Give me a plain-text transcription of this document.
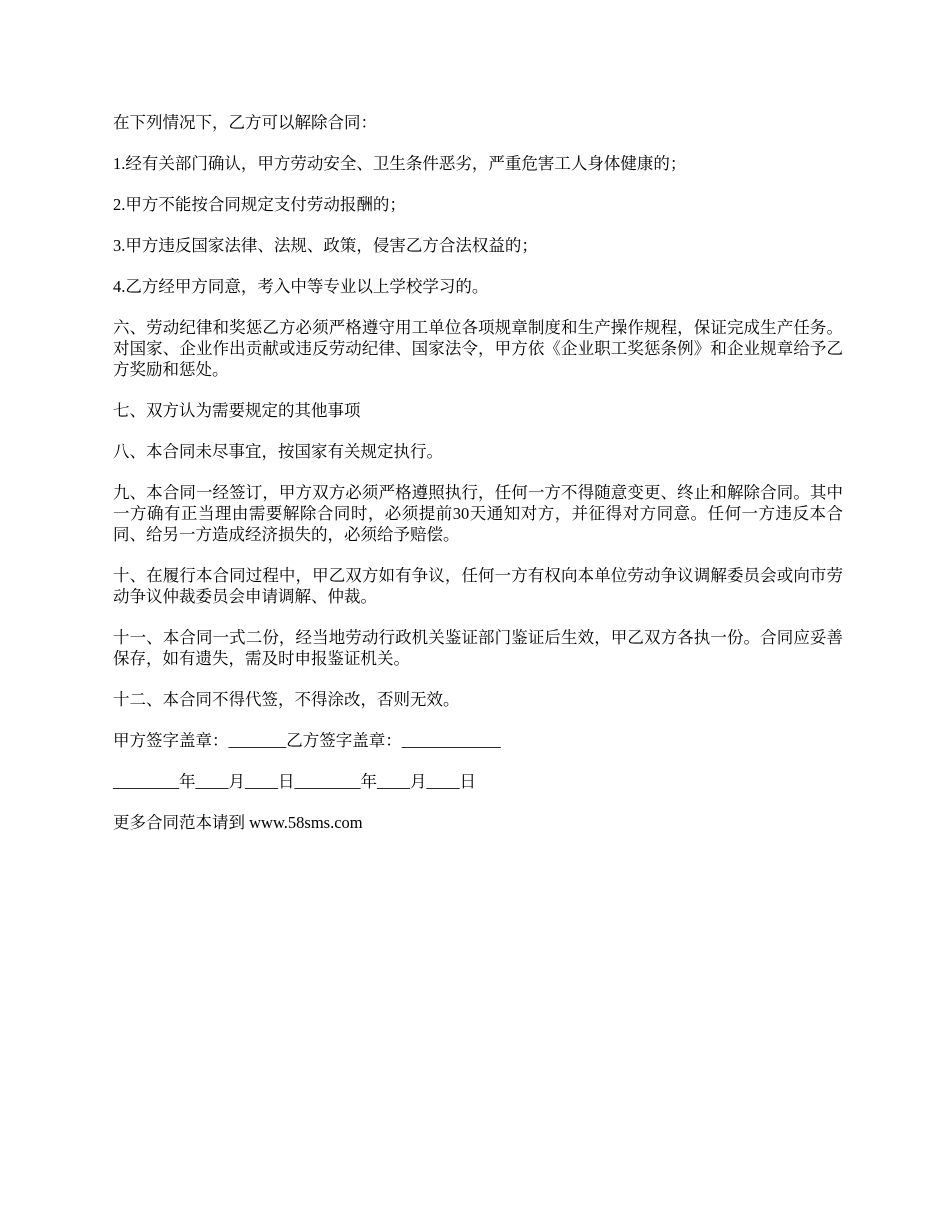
在下列情况下，乙方可以解除合同：

1.经有关部门确认，甲方劳动安全、卫生条件恶劣，严重危害工人身体健康的；

2.甲方不能按合同规定支付劳动报酬的；

3.甲方违反国家法律、法规、政策，侵害乙方合法权益的；

4.乙方经甲方同意，考入中等专业以上学校学习的。

六、劳动纪律和奖惩乙方必须严格遵守用工单位各项规章制度和生产操作规程，保证完成生产任务。对国家、企业作出贡献或违反劳动纪律、国家法令，甲方依《企业职工奖惩条例》和企业规章给予乙方奖励和惩处。

七、双方认为需要规定的其他事项

八、本合同未尽事宜，按国家有关规定执行。

九、本合同一经签订，甲方双方必须严格遵照执行，任何一方不得随意变更、终止和解除合同。其中一方确有正当理由需要解除合同时，必须提前30天通知对方，并征得对方同意。任何一方违反本合同、给另一方造成经济损失的，必须给予赔偿。

十、在履行本合同过程中，甲乙双方如有争议，任何一方有权向本单位劳动争议调解委员会或向市劳动争议仲裁委员会申请调解、仲裁。

十一、本合同一式二份，经当地劳动行政机关鉴证部门鉴证后生效，甲乙双方各执一份。合同应妥善保存，如有遗失，需及时申报鉴证机关。

十二、本合同不得代签，不得涂改，否则无效。

甲方签字盖章：_______乙方签字盖章：____________

________年____月____日________年____月____日

更多合同范本请到 www.58sms.com
